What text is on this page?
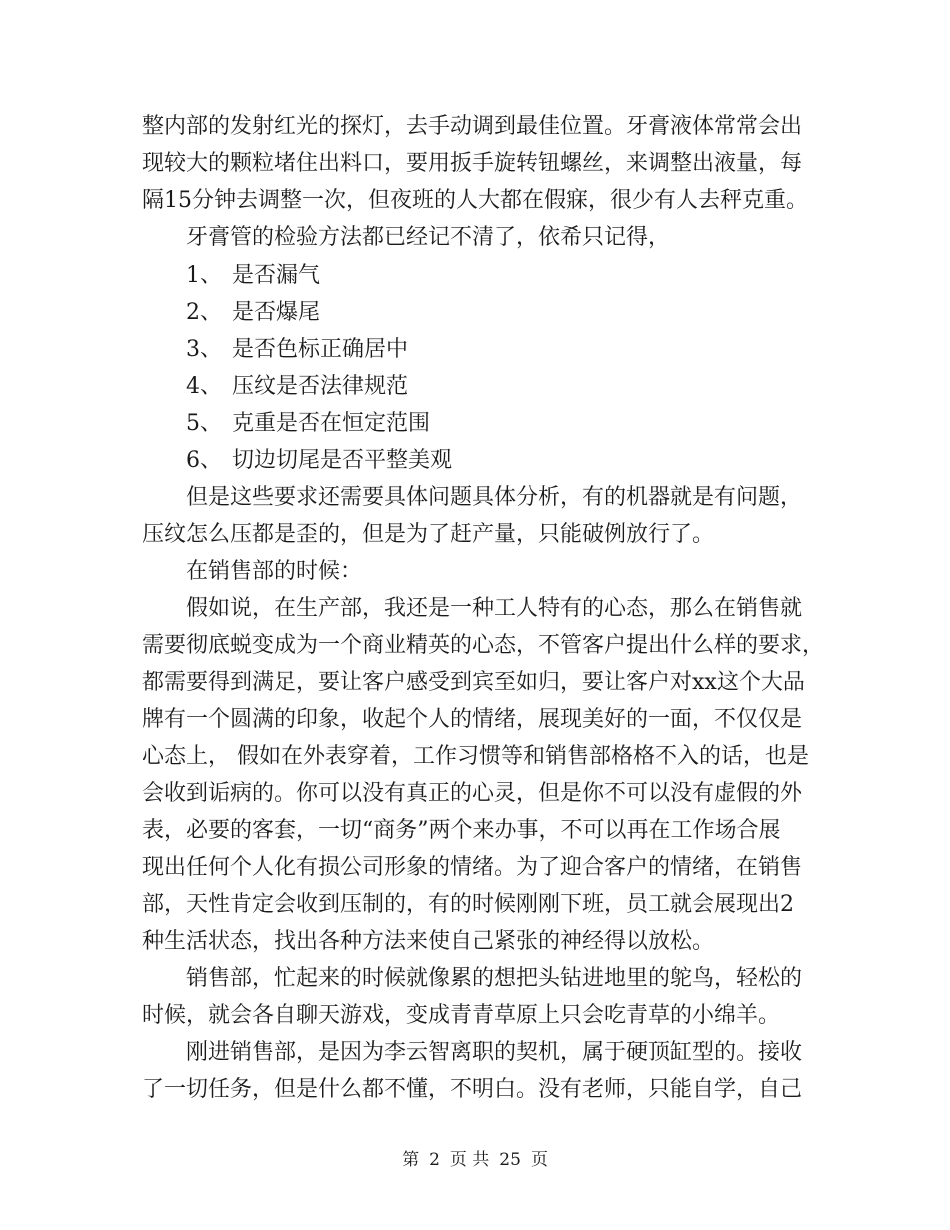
整内部的发射红光的探灯，去手动调到最佳位置。牙膏液体常常会出
现较大的颗粒堵住出料口，要用扳手旋转钮螺丝，来调整出液量，每
隔15分钟去调整一次，但夜班的人大都在假寐，很少有人去秤克重。
牙膏管的检验方法都已经记不清了，依希只记得，
1、 是否漏气
2、 是否爆尾
3、 是否色标正确居中
4、 压纹是否法律规范
5、 克重是否在恒定范围
6、 切边切尾是否平整美观
但是这些要求还需要具体问题具体分析，有的机器就是有问题，
压纹怎么压都是歪的，但是为了赶产量，只能破例放行了。
在销售部的时候：
假如说，在生产部，我还是一种工人特有的心态，那么在销售就
需要彻底蜕变成为一个商业精英的心态，不管客户提出什么样的要求，
都需要得到满足，要让客户感受到宾至如归，要让客户对xx这个大品
牌有一个圆满的印象，收起个人的情绪，展现美好的一面，不仅仅是
心态上， 假如在外表穿着，工作习惯等和销售部格格不入的话，也是
会收到诟病的。你可以没有真正的心灵，但是你不可以没有虚假的外
表，必要的客套，一切“商务”两个来办事，不可以再在工作场合展
现出任何个人化有损公司形象的情绪。为了迎合客户的情绪，在销售
部，天性肯定会收到压制的，有的时候刚刚下班，员工就会展现出2
种生活状态，找出各种方法来使自己紧张的神经得以放松。
销售部，忙起来的时候就像累的想把头钻进地里的鸵鸟，轻松的
时候，就会各自聊天游戏，变成青青草原上只会吃青草的小绵羊。
刚进销售部，是因为李云智离职的契机，属于硬顶缸型的。接收
了一切任务，但是什么都不懂，不明白。没有老师，只能自学，自己
第 2 页 共 25 页
